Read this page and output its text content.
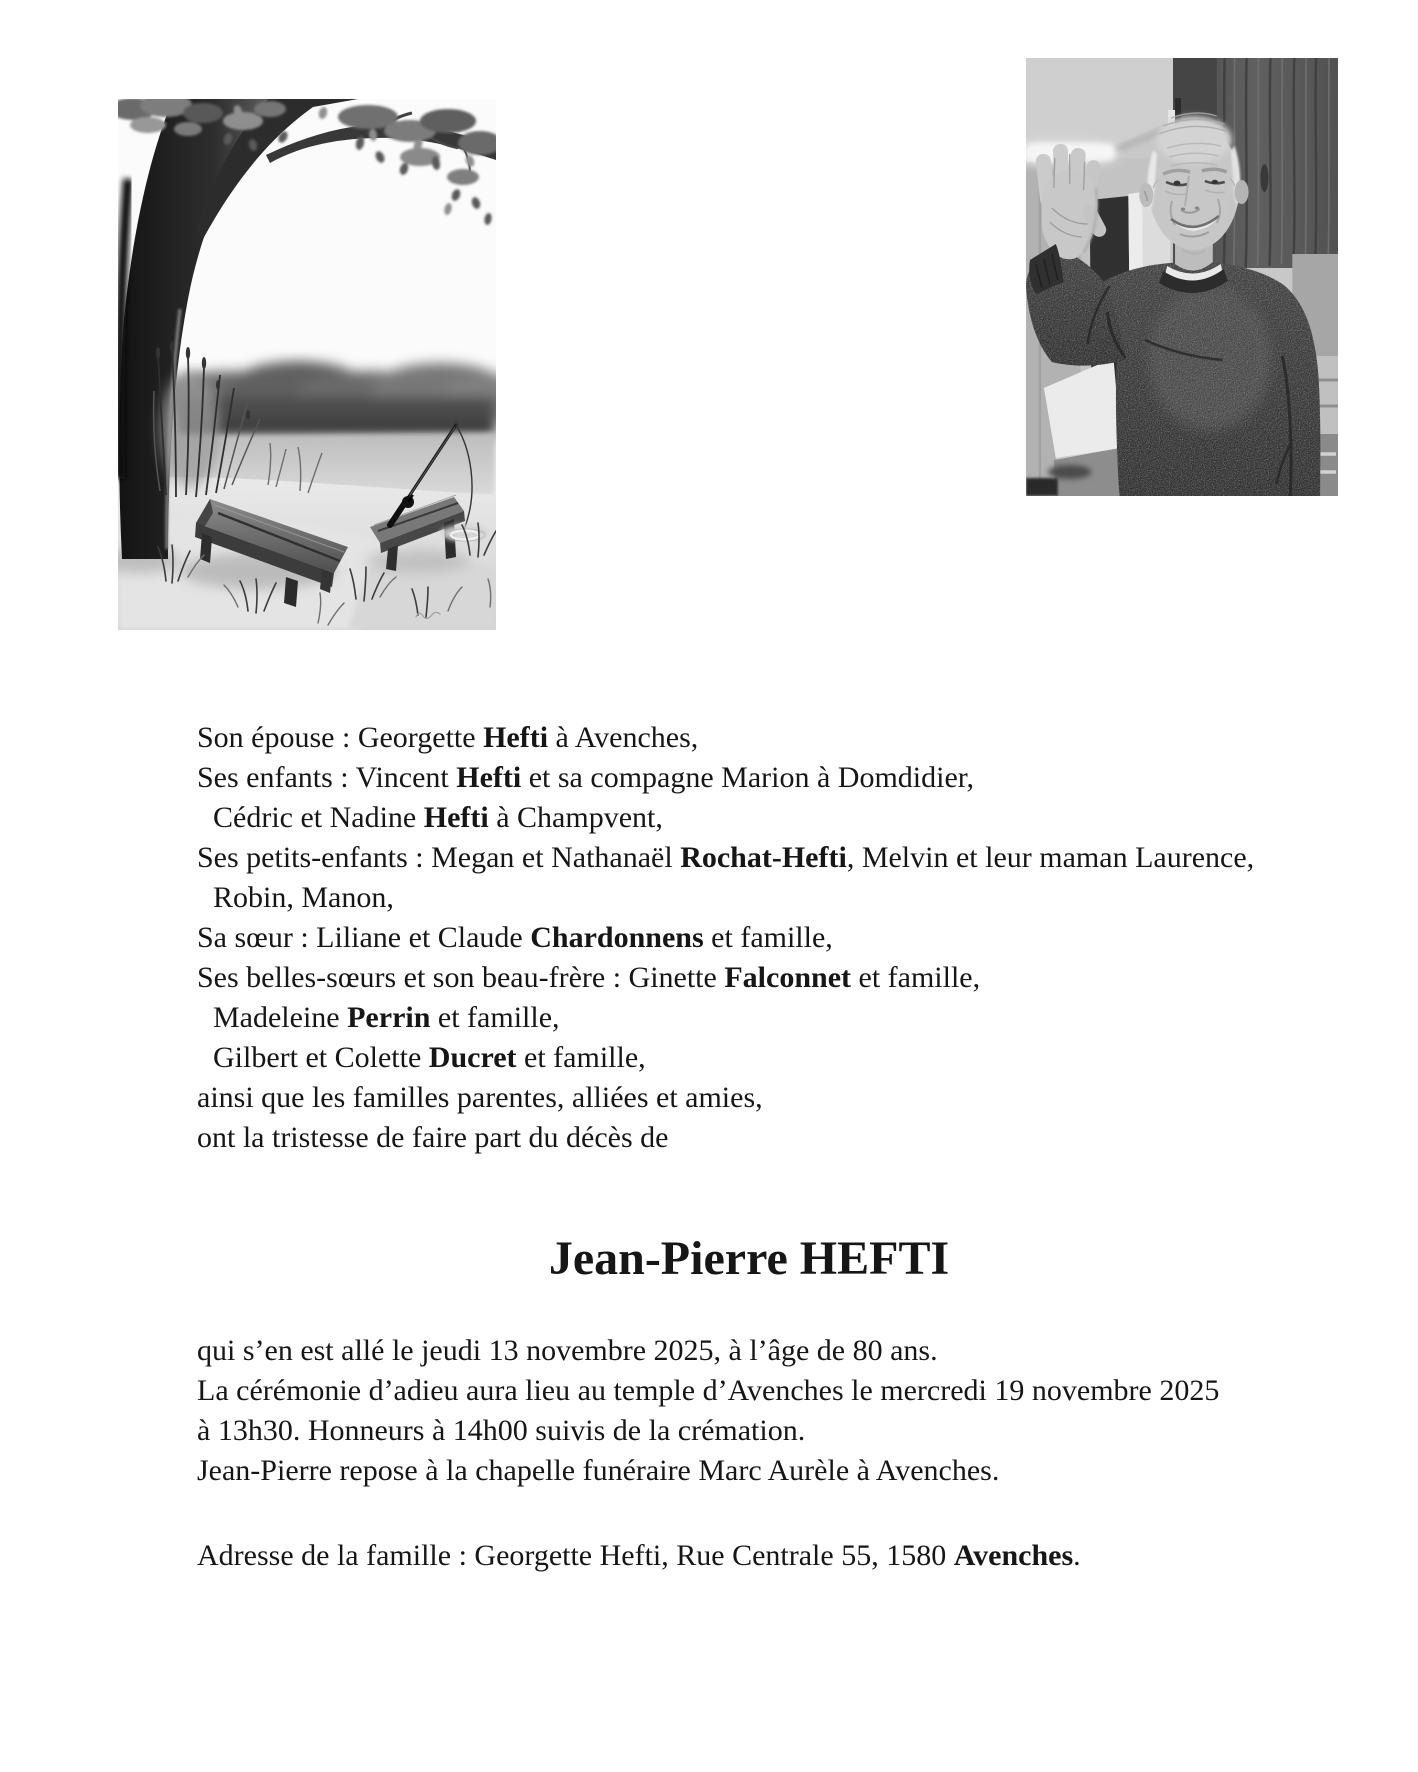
Son épouse : Georgette Hefti à Avenches,

Ses enfants : Vincent Hefti et sa compagne Marion à Domdidier,

Cédric et Nadine Hefti à Champvent,

Ses petits-enfants : Megan et Nathanaël Rochat-Hefti, Melvin et leur maman Laurence,

Robin, Manon,

Sa sœur : Liliane et Claude Chardonnens et famille,

Ses belles-sœurs et son beau-frère : Ginette Falconnet et famille,

Madeleine Perrin et famille,

Gilbert et Colette Ducret et famille,

ainsi que les familles parentes, alliées et amies,

ont la tristesse de faire part du décès de

Jean-Pierre HEFTI

qui s’en est allé le jeudi 13 novembre 2025, à l’âge de 80 ans.

La cérémonie d’adieu aura lieu au temple d’Avenches le mercredi 19 novembre 2025

à 13h30. Honneurs à 14h00 suivis de la crémation.

Jean-Pierre repose à la chapelle funéraire Marc Aurèle à Avenches.

Adresse de la famille : Georgette Hefti, Rue Centrale 55, 1580 Avenches.
